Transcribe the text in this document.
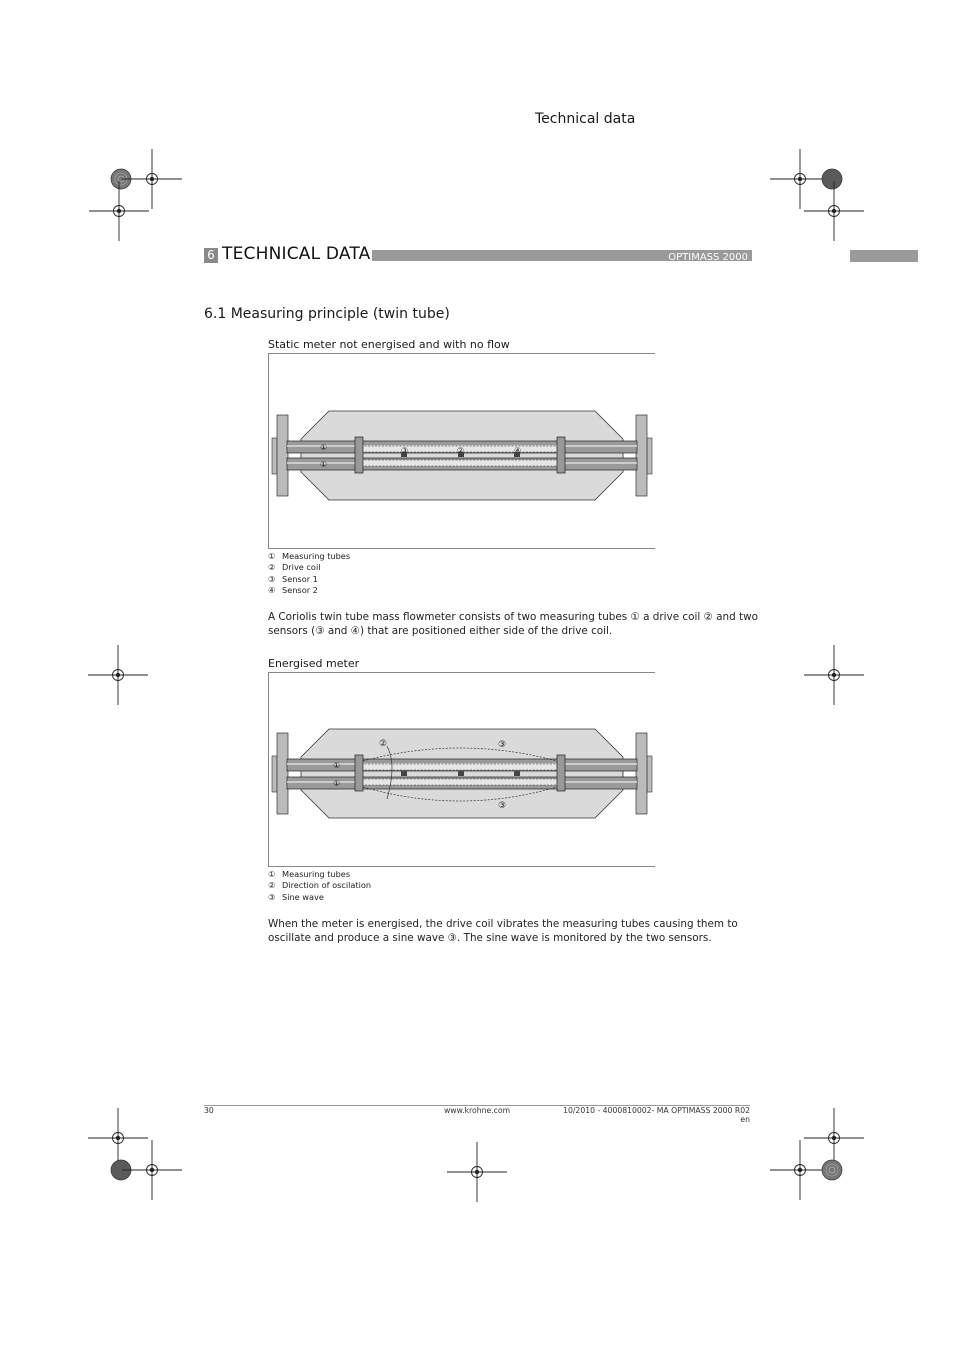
Technical data
6 TECHNICAL DATA	OPTIMASS 2000
6.1 Measuring principle (twin tube)
Static meter not energised and with no flow
①
①
③	②	④
① Measuring tubes
② Drive coil
③ Sensor 1
④ Sensor 2
A Coriolis twin tube mass flowmeter consists of two measuring tubes ① a drive coil ② and two sensors (③ and ④) that are positioned either side of the drive coil.
Energised meter
①
①
②	③
③
① Measuring tubes
② Direction of oscilation
③ Sine wave
When the meter is energised, the drive coil vibrates the measuring tubes causing them to oscillate and produce a sine wave ③. The sine wave is monitored by the two sensors.
30	www.krohne.com	10/2010 - 4000810002- MA OPTIMASS 2000 R02 en
